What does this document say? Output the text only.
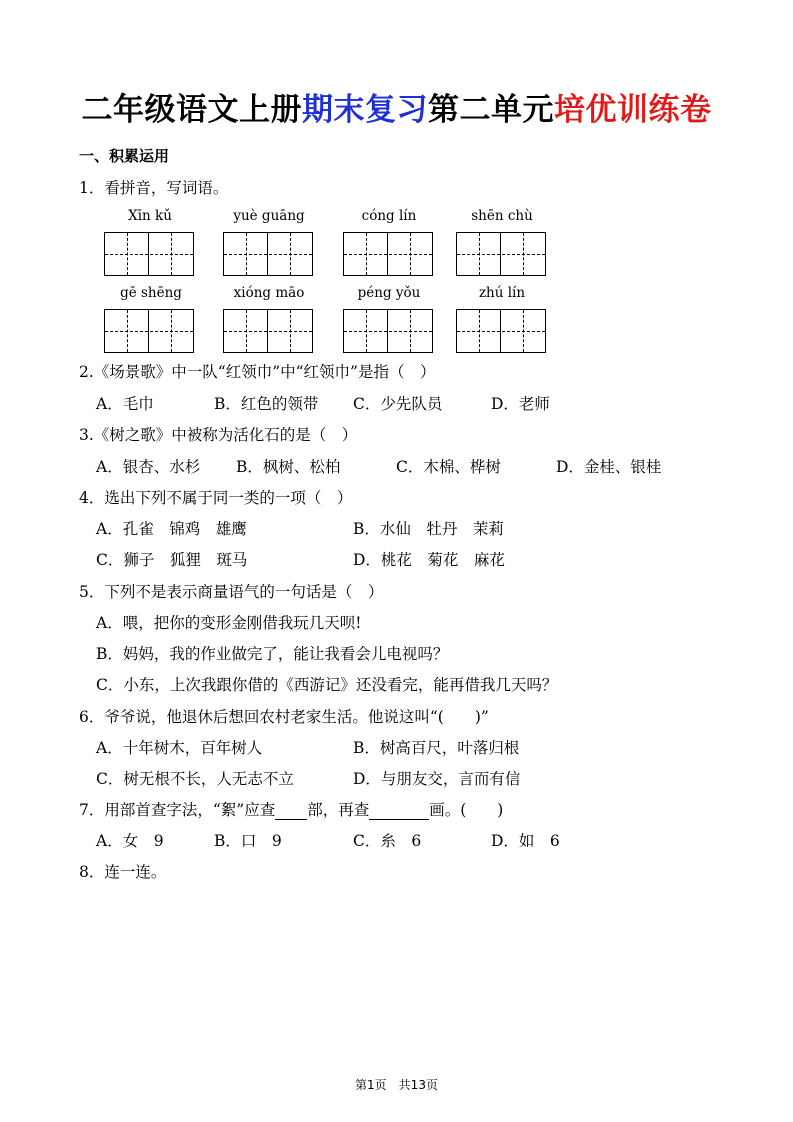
二年级语文上册期末复习第二单元培优训练卷
一、积累运用
1．看拼音，写词语。
Xīn kǔ	yuè guāng	cóng lín	shēn chù
gē shēng	xióng māo	péng yǒu	zhú lín
2.《场景歌》中一队“红领巾”中“红领巾”是指（　）
A．毛巾	B．红色的领带 C．少先队员	D．老师
3.《树之歌》中被称为活化石的是（　）
A．银杏、水杉 B．枫树、松柏	C．木棉、桦树	D．金桂、银桂
4．选出下列不属于同一类的一项（　）
A．孔雀　锦鸡　雄鹰	B．水仙　牡丹　茉莉
C．狮子　狐狸　斑马	D．桃花　菊花　麻花
5．下列不是表示商量语气的一句话是（　）
A．喂，把你的变形金刚借我玩几天呗!
B．妈妈，我的作业做完了，能让我看会儿电视吗？
C．小东，上次我跟你借的《西游记》还没看完，能再借我几天吗？
6．爷爷说，他退休后想回农村老家生活。他说这叫“(　　)”
A．十年树木，百年树人	B．树高百尺，叶落归根
C．树无根不长，人无志不立	D．与朋友交，言而有信
7．用部首查字法，“絮”应查 部，再查	画。(　　)
A．女　9	B．口　9	C．糸　6	D．如　6
8．连一连。
第1页　共13页
